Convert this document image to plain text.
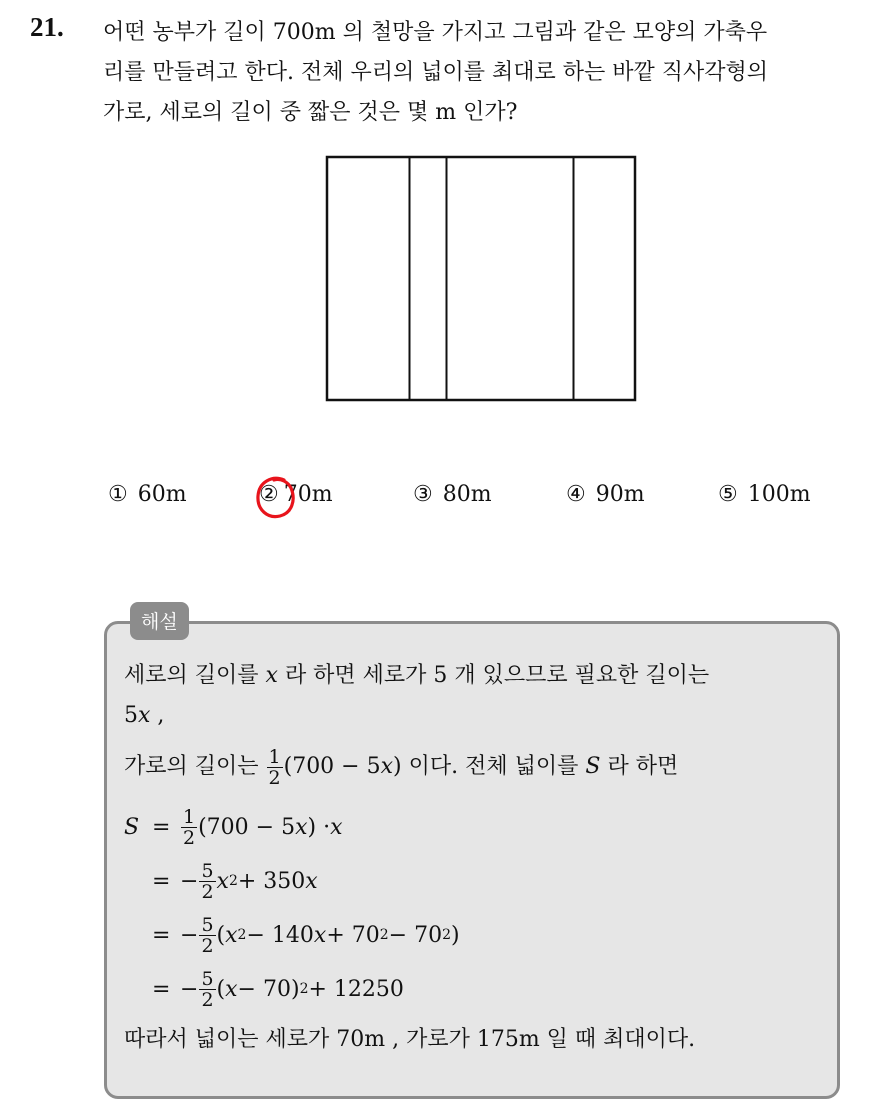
21. 어떤 농부가 길이 700m 의 철망을 가지고 그림과 같은 모양의 가축우
리를 만들려고 한다. 전체 우리의 넓이를 최대로 하는 바깥 직사각형의
가로, 세로의 길이 중 짧은 것은 몇 m 인가?
① 60m	② 70m	③ 80m	④ 90m	⑤ 100m
해설
세로의 길이를 x 라 하면 세로가 5 개 있으므로 필요한 길이는
5x ,
가로의 길이는 $\frac{1}{2} (700 - 5x)$ 이다. 전체 넓이를 S 라 하면
$S = \frac{1}{2} (700 - 5$ x ) · x
= − $\frac{5}{2}$ x 2 + 350 x
= − $\frac{5}{2}$ ( x 2 − 140 x + 70 2 − 70 2 )
= − $\frac{5}{2}$ ( x − 70) 2 + 12250
따라서 넓이는 세로가 70m , 가로가 175m 일 때 최대이다.
